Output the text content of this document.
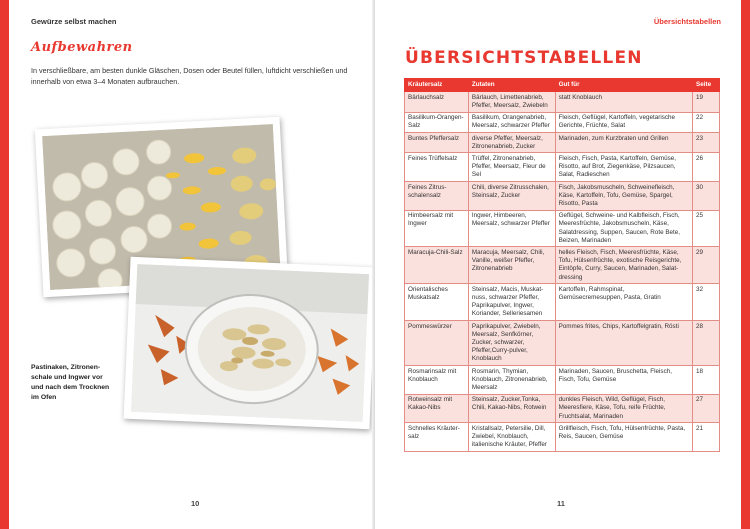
Gewürze selbst machen
Aufbewahren
In verschließbare, am besten dunkle Gläschen, Dosen oder Beutel füllen, luftdicht verschließen und innerhalb von etwa 3–4 Monaten aufbrauchen.
Pastinaken, Zitronenschale und Ingwer vor und nach dem Trocknen im Ofen
10
Übersichtstabellen
ÜBERSICHTSTABELLEN
Kräutersalz	Zutaten	Gut für	Seite
Bärlauchsalz	Bärlauch, Limettenabrieb, Pfeffer, Meersalz, Zwiebeln	statt Knoblauch	19
Basilikum-Orangen-Salz	Basilikum, Orangenabrieb, Meersalz, schwarzer Pfeffer	Fleisch, Geflügel, Kartoffeln, vegetarische Gerichte, Früchte, Salat	22
Buntes Pfeffersalz	diverse Pfeffer, Meersalz, Zitronenabrieb, Zucker	Marinaden, zum Kurzbraten und Grillen	23
Feines Trüffelsalz	Trüffel, Zitronenabrieb, Pfeffer, Meersalz, Fleur de Sel	Fleisch, Fisch, Pasta, Kartoffeln, Gemüse, Risotto, auf Brot, Ziegenkäse, Pilzsaucen, Salat, Radieschen	26
Feines Zitrus-schalensalz	Chili, diverse Zitrusschalen, Steinsalz, Zucker	Fisch, Jakobsmuscheln, Schweinefleisch, Käse, Kartoffeln, Tofu, Gemüse, Spargel, Risotto, Pasta	30
Himbeersalz mit Ingwer	Ingwer, Himbeeren, Meersalz, schwarzer Pfeffer	Geflügel, Schweine- und Kalbfleisch, Fisch, Meeresfrüchte, Jakobsmuscheln, Käse, Salatdressing, Suppen, Saucen, Rote Bete, Beizen, Marinaden	25
Maracuja-Chili-Salz	Maracuja, Meersalz, Chili, Vanille, weißer Pfeffer, Zitronenabrieb	helles Fleisch, Fisch, Meeresfrüchte, Käse, Tofu, Hülsenfrüchte, exotische Reisgerichte, Eintöpfe, Curry, Saucen, Marinaden, Salat-dressing	29
Orientalisches Muskatsalz	Steinsalz, Macis, Muskat-nuss, schwarzer Pfeffer, Paprikapulver, Ingwer, Koriander, Selleriesamen	Kartoffeln, Rahmspinat, Gemüsecremesuppen, Pasta, Gratin	32
Pommeswürzer	Paprikapulver, Zwiebeln, Meersalz, Senfkörner, Zucker, schwarzer, Pfeffer,Curry-pulver, Knoblauch	Pommes frites, Chips, Kartoffelgratin, Rösti	28
Rosmarinsalz mit Knoblauch	Rosmarin, Thymian, Knoblauch, Zitronenabrieb, Meersalz	Marinaden, Saucen, Bruschetta, Fleisch, Fisch, Tofu, Gemüse	18
Rotweinsalz mit Kakao-Nibs	Steinsalz, Zucker,Tonka, Chili, Kakao-Nibs, Rotwein	dunkles Fleisch, Wild, Geflügel, Fisch, Meeresfiere, Käse, Tofu, reife Früchte, Fruchtsalat, Marinaden	27
Schnelles Kräuter-salz	Kristallsalz, Petersilie, Dill, Zwiebel, Knoblauch, italienische Kräuter, Pfeffer	Grillfleisch, Fisch, Tofu, Hülsenfrüchte, Pasta, Reis, Saucen, Gemüse	21
11
